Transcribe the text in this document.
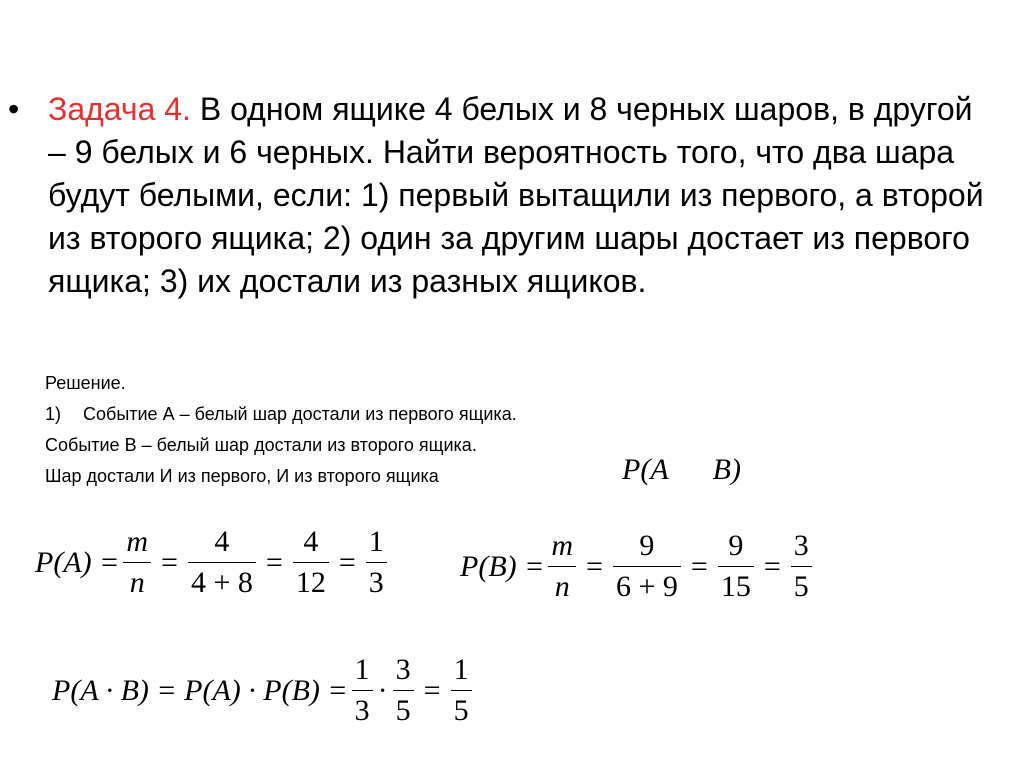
• Задача 4. В одном ящике 4 белых и 8 черных шаров, в другой – 9 белых и 6 черных. Найти вероятность того, что два шара будут белыми, если: 1) первый вытащили из первого, а второй из второго ящика; 2) один за другим шары достает из первого ящика; 3) их достали из разных ящиков.
Решение.
1) Событие А – белый шар достали из первого ящика.
Событие В – белый шар достали из второго ящика.
Шар достали И из первого, И из второго ящика	P(A B)
$P(A) = \frac{m}{n} = \frac{4}{4 + 8} = \frac{4}{12} = \frac{1}{3} P(B) = \frac{m}{n} = \frac{9}{6 + 9} = \frac{9}{15} = \frac{3}{5}$
$P(A \cdot B) = P(A) \cdot P(B) = \frac{1}{3} \cdot \frac{3}{5} = \frac{1}{5}$
